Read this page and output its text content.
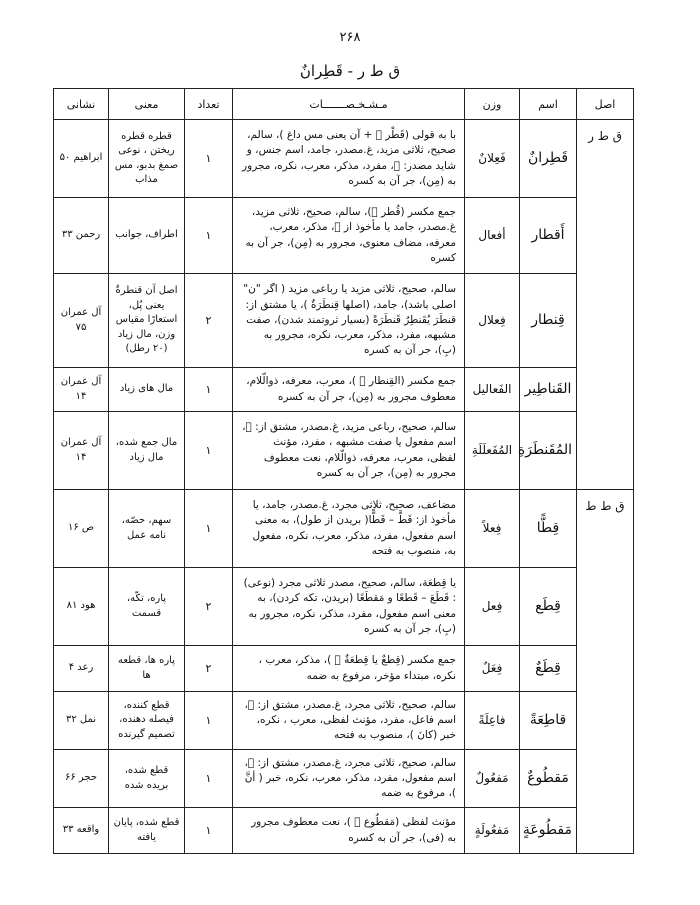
۲۶۸
ق ط ر - قَطِرانٌ
اصل	اسم	وزن	مـشـخـصـــــــات	تعداد	معنی	نشانی
ق ط ر	قَطِرانٌ	فَعِلانٌ	با به قولی (قَطْر ⃞ + آن یعنی مس داغ )، سالم، صحیح، ثلاثی مزید، غ.مصدر، جامد، اسم جنس، و شاید مصدر: ⃞، مفرد، مذکر، معرب، نکره، مجرور به (مِن)، جر آن به کسره	۱	قطره قطره ریختن ، نوعی صمغ بدبو، مس مذاب	ابراهیم ۵۰
	أَقطار	أفعال	جمع مکسر (قُطر ⃞)، سالم، صحیح، ثلاثی مزید، غ.مصدر، جامد یا مأخوذ از ⃞، مذکر، معرب، معرفه، مضاف معنوی، مجرور به (مِن)، جر آن به کسره	۱	اطراف، جوانب	رحمن ۳۳
	قِنطار	فِعلال	سالم، صحیح، ثلاثی مزید یا رباعی مزید ( اگر "ن" اصلی باشد)، جامد، (اصلها قِنطَرَةٌ )، یا مشتق از: قنطَرَ یُقَنطِرُ قَنطَرَةً (بسیار ثروتمند شدن)، صفت مشبهه، مفرد، مذکر، معرب، نکره، مجرور به (بِ)، جر آن به کسره	۲	اصل آن قنطرةٌ یعنی پُل، استعارًا مقیاس وزن، مال زیاد (۲۰ رطل)	آل عمران ۷۵
	القَناطِیر	الفَعالیل	جمع مکسر (القِنطار ⃞ )، معرب، معرفه، ذوالّلام، معطوف مجرور به (مِن)، جر آن به کسره	۱	مال های زیاد	آل عمران ۱۴
	المُقَنطَرَةِ	المُفَعلَلَةِ	سالم، صحیح، رباعی مزید، غ.مصدر، مشتق از: ⃞، اسم مفعول یا صفت مشبهه ، مفرد، مؤنث لفظی، معرب، معرفه، ذوالّلام، نعت معطوف مجرور به (مِن)، جر آن به کسره	۱	مال جمع شده، مال زیاد	آل عمران ۱۴
ق ط ط	قِطًّا	فِعلاً	مضاعف، صحیح، ثلاثی مجرد، غ.مصدر، جامد، یا مأخوذ از: قَطَّ – قَطًّا( بریدن از طول)، به معنی اسم مفعول، مفرد، مذکر، معرب، نکره، مفعول به، منصوب به فتحه	۱	سهم، حصّه، نامه عمل	ص ۱۶
	قِطَع	فِعل	یا قِطعَة، سالم، صحیح، مصدر ثلاثی مجرد (نوعی) : قَطَعَ – قَطعًا و مَقطَعًا (بریدن، تکه کردن)، به معنی اسم مفعول، مفرد، مذکر، نکره، مجرور به (بِ)، جر آن به کسره	۲	پاره، تکّه، قسمت	هود ۸۱
	قِطَعٌ	فِعَلٌ	جمع مکسر (قِطعٌ یا قِطعَةٌ ⃞ )، مذکر، معرب ، نکره، مبتداء مؤخر، مرفوع به ضمه	۲	پاره ها، قطعه ها	رعد ۴
	قاطِعَةً	فاعِلَةً	سالم، صحیح، ثلاثی مجرد، غ.مصدر، مشتق از: ⃞، اسم فاعل، مفرد، مؤنث لفظی، معرب ، نکره، خبر (کانَ )، منصوب به فتحه	۱	قطع کننده، فیصله دهنده، تصمیم گیرنده	نمل ۳۲
	مَقطُوعٌ	مَفعُولٌ	سالم، صحیح، ثلاثی مجرد، غ.مصدر، مشتق از: ⃞، اسم مفعول، مفرد، مذکر، معرب، نکره، خبر ( أنَّ )، مرفوع به ضمه	۱	قطع شده، بریده شده	حجر ۶۶
	مَقطُوعَةٍ	مَفعُولَةٍ	مؤنث لفظی (مَقطُوع ⃞ )، نعت معطوف مجرور به (فی)، جر آن به کسره	۱	قطع شده، پایان یافته	واقعه ۳۳
